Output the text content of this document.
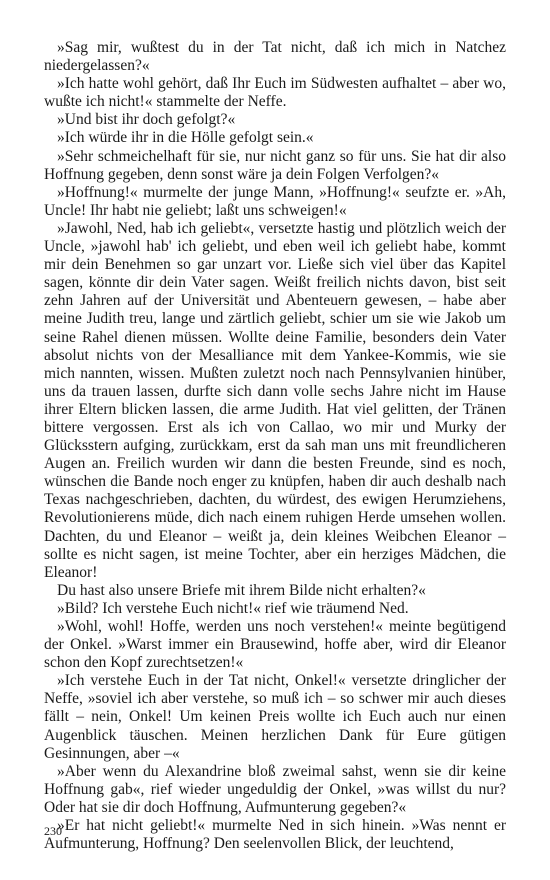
»Sag mir, wußtest du in der Tat nicht, daß ich mich in Natchez niedergelassen?«

»Ich hatte wohl gehört, daß Ihr Euch im Südwesten aufhaltet – aber wo, wußte ich nicht!« stammelte der Neffe.

»Und bist ihr doch gefolgt?«

»Ich würde ihr in die Hölle gefolgt sein.«

»Sehr schmeichelhaft für sie, nur nicht ganz so für uns. Sie hat dir also Hoffnung gegeben, denn sonst wäre ja dein Folgen Verfolgen?«

»Hoffnung!« murmelte der junge Mann, »Hoffnung!« seufzte er. »Ah, Uncle! Ihr habt nie geliebt; laßt uns schweigen!«

»Jawohl, Ned, hab ich geliebt«, versetzte hastig und plötzlich weich der Uncle, »jawohl hab' ich geliebt, und eben weil ich geliebt habe, kommt mir dein Benehmen so gar unzart vor. Ließe sich viel über das Kapitel sagen, könnte dir dein Vater sagen. Weißt freilich nichts davon, bist seit zehn Jahren auf der Universität und Abenteuern gewesen, – habe aber meine Judith treu, lange und zärtlich geliebt, schier um sie wie Jakob um seine Rahel dienen müssen. Wollte deine Familie, besonders dein Vater absolut nichts von der Mesalliance mit dem Yankee-Kommis, wie sie mich nannten, wissen. Mußten zuletzt noch nach Pennsylvanien hinüber, uns da trauen lassen, durfte sich dann volle sechs Jahre nicht im Hause ihrer Eltern blicken lassen, die arme Judith. Hat viel gelitten, der Tränen bittere vergossen. Erst als ich von Callao, wo mir und Murky der Glücksstern aufging, zurückkam, erst da sah man uns mit freundlicheren Augen an. Freilich wurden wir dann die besten Freunde, sind es noch, wünschen die Bande noch enger zu knüpfen, haben dir auch deshalb nach Texas nachgeschrieben, dachten, du würdest, des ewigen Herumziehens, Revolutionierens müde, dich nach einem ruhigen Herde umsehen wollen. Dachten, du und Eleanor – weißt ja, dein kleines Weibchen Eleanor – sollte es nicht sagen, ist meine Tochter, aber ein herziges Mädchen, die Eleanor!

Du hast also unsere Briefe mit ihrem Bilde nicht erhalten?«

»Bild? Ich verstehe Euch nicht!« rief wie träumend Ned.

»Wohl, wohl! Hoffe, werden uns noch verstehen!« meinte begütigend der Onkel. »Warst immer ein Brausewind, hoffe aber, wird dir Eleanor schon den Kopf zurechtsetzen!«

»Ich verstehe Euch in der Tat nicht, Onkel!« versetzte dringlicher der Neffe, »soviel ich aber verstehe, so muß ich – so schwer mir auch dieses fällt – nein, Onkel! Um keinen Preis wollte ich Euch auch nur einen Augenblick täuschen. Meinen herzlichen Dank für Eure gütigen Gesinnungen, aber –«

»Aber wenn du Alexandrine bloß zweimal sahst, wenn sie dir keine Hoffnung gab«, rief wieder ungeduldig der Onkel, »was willst du nur? Oder hat sie dir doch Hoffnung, Aufmunterung gegeben?«

»Er hat nicht geliebt!« murmelte Ned in sich hinein. »Was nennt er Aufmunterung, Hoffnung? Den seelenvollen Blick, der leuchtend,

230
